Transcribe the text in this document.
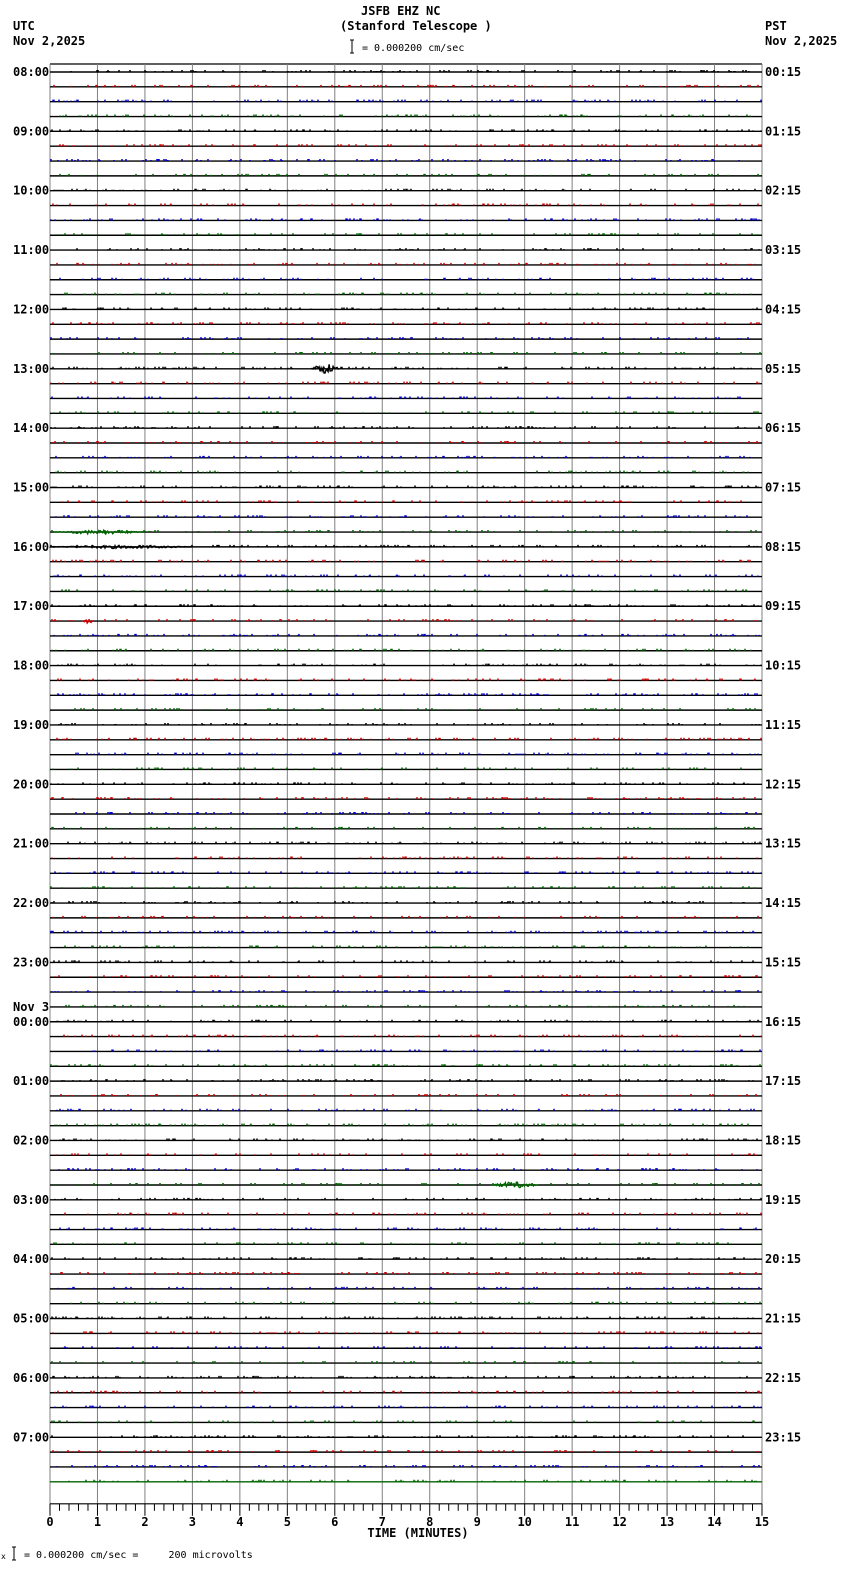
JSFB EHZ NC
(Stanford Telescope )
UTC
Nov 2,2025
PST
Nov 2,2025
= 0.000200 cm/sec
08:00
09:00
10:00
11:00
12:00
13:00
14:00
15:00
16:00
17:00
18:00
19:00
20:00
21:00
22:00
23:00
00:00
01:00
02:00
03:00
04:00
05:00
06:00
07:00
00:15
01:15
02:15
03:15
04:15
05:15
06:15
07:15
08:15
09:15
10:15
11:15
12:15
13:15
14:15
15:15
16:15
17:15
18:15
19:15
20:15
21:15
22:15
23:15
Nov 3
0	1	2	3	4	5	6	7	8	9	10	11	12	13	14	15
TIME (MINUTES)
x = 0.000200 cm/sec =     200 microvolts
